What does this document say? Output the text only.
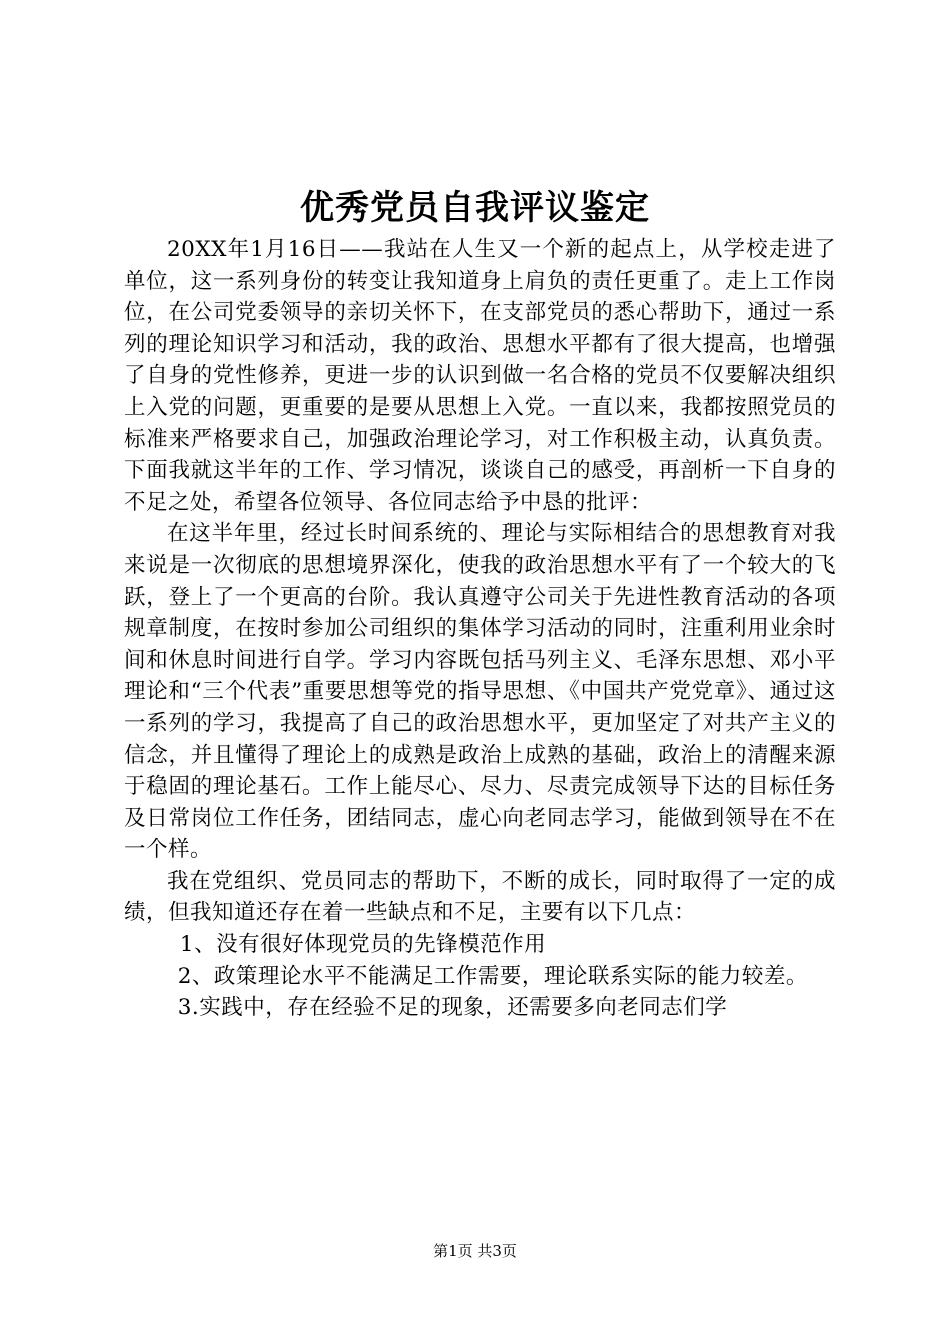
优秀党员自我评议鉴定

20XX年1月16日——我站在人生又一个新的起点上，从学校走进了单位，这一系列身份的转变让我知道身上肩负的责任更重了。走上工作岗位，在公司党委领导的亲切关怀下，在支部党员的悉心帮助下，通过一系列的理论知识学习和活动，我的政治、思想水平都有了很大提高，也增强了自身的党性修养，更进一步的认识到做一名合格的党员不仅要解决组织上入党的问题，更重要的是要从思想上入党。一直以来，我都按照党员的标准来严格要求自己，加强政治理论学习，对工作积极主动，认真负责。下面我就这半年的工作、学习情况，谈谈自己的感受，再剖析一下自身的不足之处，希望各位领导、各位同志给予中恳的批评：

在这半年里，经过长时间系统的、理论与实际相结合的思想教育对我来说是一次彻底的思想境界深化，使我的政治思想水平有了一个较大的飞跃，登上了一个更高的台阶。我认真遵守公司关于先进性教育活动的各项规章制度，在按时参加公司组织的集体学习活动的同时，注重利用业余时间和休息时间进行自学。学习内容既包括马列主义、毛泽东思想、邓小平理论和“三个代表”重要思想等党的指导思想、《中国共产党党章》、通过这一系列的学习，我提高了自己的政治思想水平，更加坚定了对共产主义的信念，并且懂得了理论上的成熟是政治上成熟的基础，政治上的清醒来源于稳固的理论基石。工作上能尽心、尽力、尽责完成领导下达的目标任务及日常岗位工作任务，团结同志，虚心向老同志学习，能做到领导在不在一个样。

我在党组织、党员同志的帮助下，不断的成长，同时取得了一定的成绩，但我知道还存在着一些缺点和不足，主要有以下几点：

1、没有很好体现党员的先锋模范作用

2、政策理论水平不能满足工作需要，理论联系实际的能力较差。

3.实践中，存在经验不足的现象，还需要多向老同志们学

第1页 共3页
